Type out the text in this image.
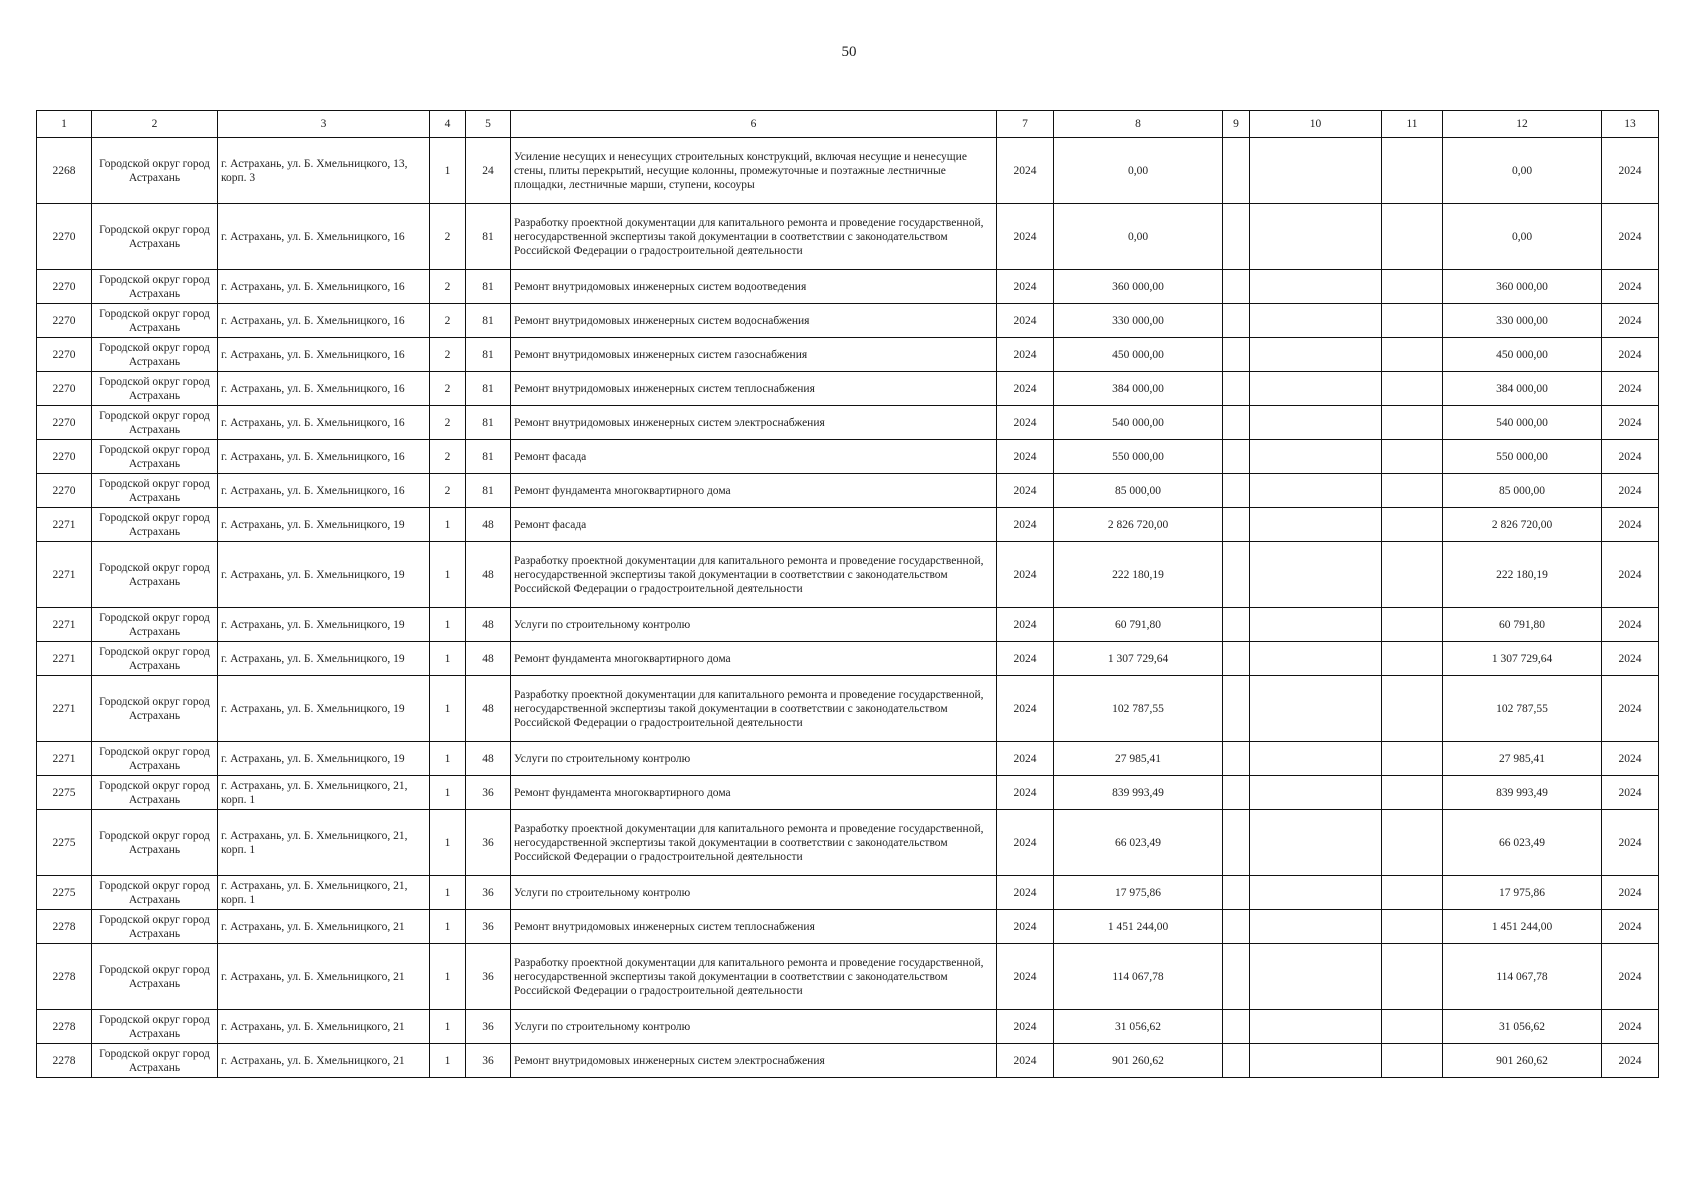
50
1	2	3	4	5	6	7	8	9	10	11	12	13
2268	Городской округ город Астрахань	г. Астрахань, ул. Б. Хмельницкого, 13, корп. 3	1	24	Усиление несущих и ненесущих строительных конструкций, включая несущие и ненесущие стены, плиты перекрытий, несущие колонны, промежуточные и поэтажные лестничные площадки, лестничные марши, ступени, косоуры	2024	0,00				0,00	2024
2270	Городской округ город Астрахань	г. Астрахань, ул. Б. Хмельницкого, 16	2	81	Разработку проектной документации для капитального ремонта и проведение государственной, негосударственной экспертизы такой документации в соответствии с законодательством Российской Федерации о градостроительной деятельности	2024	0,00				0,00	2024
2270	Городской округ город Астрахань	г. Астрахань, ул. Б. Хмельницкого, 16	2	81	Ремонт внутридомовых инженерных систем водоотведения	2024	360 000,00				360 000,00	2024
2270	Городской округ город Астрахань	г. Астрахань, ул. Б. Хмельницкого, 16	2	81	Ремонт внутридомовых инженерных систем водоснабжения	2024	330 000,00				330 000,00	2024
2270	Городской округ город Астрахань	г. Астрахань, ул. Б. Хмельницкого, 16	2	81	Ремонт внутридомовых инженерных систем газоснабжения	2024	450 000,00				450 000,00	2024
2270	Городской округ город Астрахань	г. Астрахань, ул. Б. Хмельницкого, 16	2	81	Ремонт внутридомовых инженерных систем теплоснабжения	2024	384 000,00				384 000,00	2024
2270	Городской округ город Астрахань	г. Астрахань, ул. Б. Хмельницкого, 16	2	81	Ремонт внутридомовых инженерных систем электроснабжения	2024	540 000,00				540 000,00	2024
2270	Городской округ город Астрахань	г. Астрахань, ул. Б. Хмельницкого, 16	2	81	Ремонт фасада	2024	550 000,00				550 000,00	2024
2270	Городской округ город Астрахань	г. Астрахань, ул. Б. Хмельницкого, 16	2	81	Ремонт фундамента многоквартирного дома	2024	85 000,00				85 000,00	2024
2271	Городской округ город Астрахань	г. Астрахань, ул. Б. Хмельницкого, 19	1	48	Ремонт фасада	2024	2 826 720,00				2 826 720,00	2024
2271	Городской округ город Астрахань	г. Астрахань, ул. Б. Хмельницкого, 19	1	48	Разработку проектной документации для капитального ремонта и проведение государственной, негосударственной экспертизы такой документации в соответствии с законодательством Российской Федерации о градостроительной деятельности	2024	222 180,19				222 180,19	2024
2271	Городской округ город Астрахань	г. Астрахань, ул. Б. Хмельницкого, 19	1	48	Услуги по строительному контролю	2024	60 791,80				60 791,80	2024
2271	Городской округ город Астрахань	г. Астрахань, ул. Б. Хмельницкого, 19	1	48	Ремонт фундамента многоквартирного дома	2024	1 307 729,64				1 307 729,64	2024
2271	Городской округ город Астрахань	г. Астрахань, ул. Б. Хмельницкого, 19	1	48	Разработку проектной документации для капитального ремонта и проведение государственной, негосударственной экспертизы такой документации в соответствии с законодательством Российской Федерации о градостроительной деятельности	2024	102 787,55				102 787,55	2024
2271	Городской округ город Астрахань	г. Астрахань, ул. Б. Хмельницкого, 19	1	48	Услуги по строительному контролю	2024	27 985,41				27 985,41	2024
2275	Городской округ город Астрахань	г. Астрахань, ул. Б. Хмельницкого, 21, корп. 1	1	36	Ремонт фундамента многоквартирного дома	2024	839 993,49				839 993,49	2024
2275	Городской округ город Астрахань	г. Астрахань, ул. Б. Хмельницкого, 21, корп. 1	1	36	Разработку проектной документации для капитального ремонта и проведение государственной, негосударственной экспертизы такой документации в соответствии с законодательством Российской Федерации о градостроительной деятельности	2024	66 023,49				66 023,49	2024
2275	Городской округ город Астрахань	г. Астрахань, ул. Б. Хмельницкого, 21, корп. 1	1	36	Услуги по строительному контролю	2024	17 975,86				17 975,86	2024
2278	Городской округ город Астрахань	г. Астрахань, ул. Б. Хмельницкого, 21	1	36	Ремонт внутридомовых инженерных систем теплоснабжения	2024	1 451 244,00				1 451 244,00	2024
2278	Городской округ город Астрахань	г. Астрахань, ул. Б. Хмельницкого, 21	1	36	Разработку проектной документации для капитального ремонта и проведение государственной, негосударственной экспертизы такой документации в соответствии с законодательством Российской Федерации о градостроительной деятельности	2024	114 067,78				114 067,78	2024
2278	Городской округ город Астрахань	г. Астрахань, ул. Б. Хмельницкого, 21	1	36	Услуги по строительному контролю	2024	31 056,62				31 056,62	2024
2278	Городской округ город Астрахань	г. Астрахань, ул. Б. Хмельницкого, 21	1	36	Ремонт внутридомовых инженерных систем электроснабжения	2024	901 260,62				901 260,62	2024
